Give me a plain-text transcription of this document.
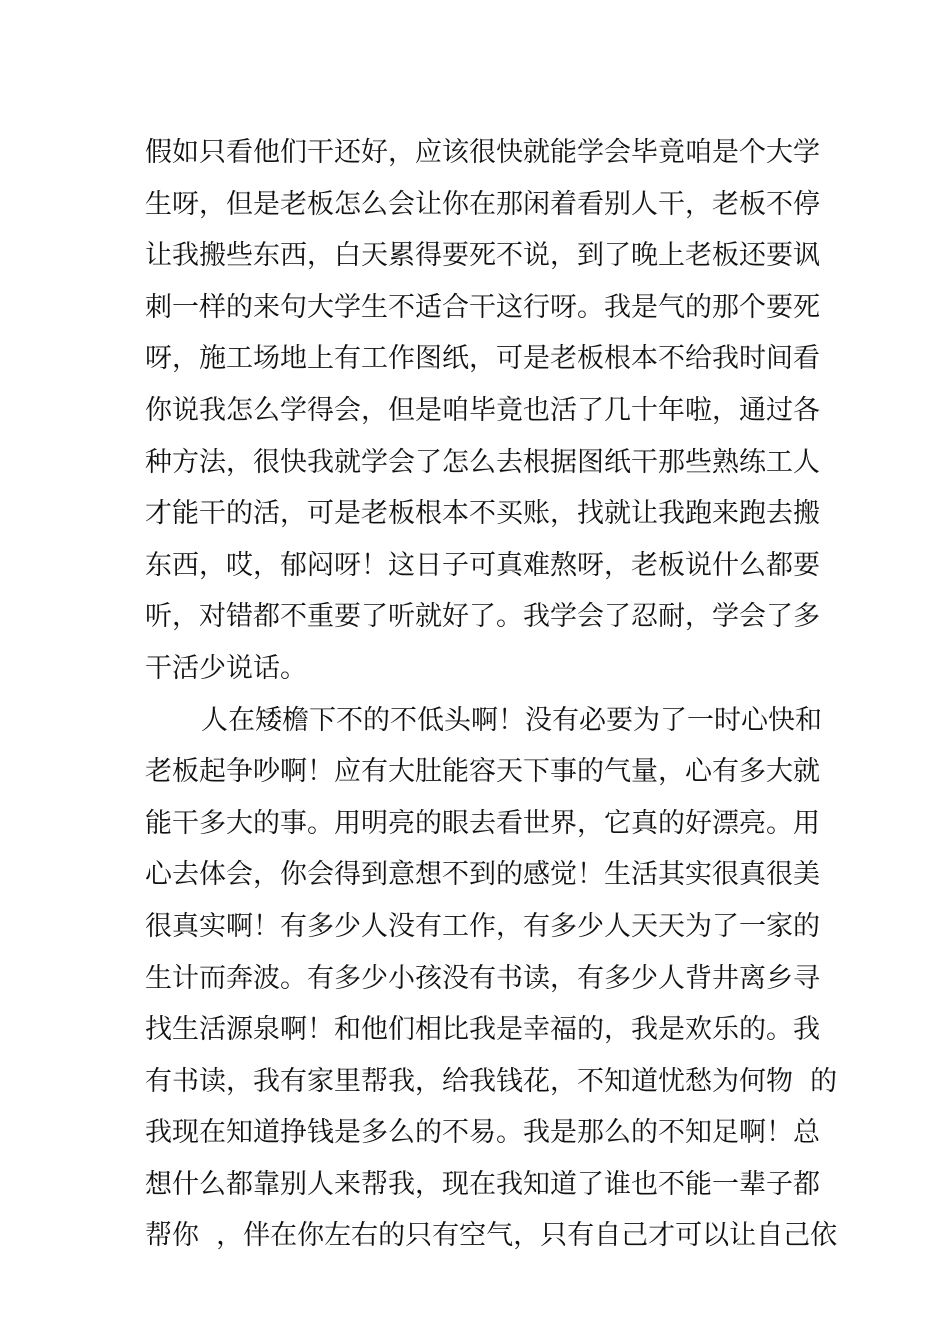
假如只看他们干还好，应该很快就能学会毕竟咱是个大学
生呀，但是老板怎么会让你在那闲着看别人干，老板不停
让我搬些东西，白天累得要死不说，到了晚上老板还要讽
刺一样的来句大学生不适合干这行呀。我是气的那个要死
呀，施工场地上有工作图纸，可是老板根本不给我时间看
你说我怎么学得会，但是咱毕竟也活了几十年啦，通过各
种方法，很快我就学会了怎么去根据图纸干那些熟练工人
才能干的活，可是老板根本不买账，找就让我跑来跑去搬
东西，哎，郁闷呀！这日子可真难熬呀，老板说什么都要
听，对错都不重要了听就好了。我学会了忍耐，学会了多
干活少说话。
人在矮檐下不的不低头啊！没有必要为了一时心快和
老板起争吵啊！应有大肚能容天下事的气量，心有多大就
能干多大的事。用明亮的眼去看世界，它真的好漂亮。用
心去体会，你会得到意想不到的感觉！生活其实很真很美
很真实啊！有多少人没有工作，有多少人天天为了一家的
生计而奔波。有多少小孩没有书读，有多少人背井离乡寻
找生活源泉啊！和他们相比我是幸福的，我是欢乐的。我
有书读，我有家里帮我，给我钱花，不知道忧愁为何物  的
我现在知道挣钱是多么的不易。我是那么的不知足啊！总
想什么都靠别人来帮我，现在我知道了谁也不能一辈子都
帮你  ，伴在你左右的只有空气，只有自己才可以让自己依
